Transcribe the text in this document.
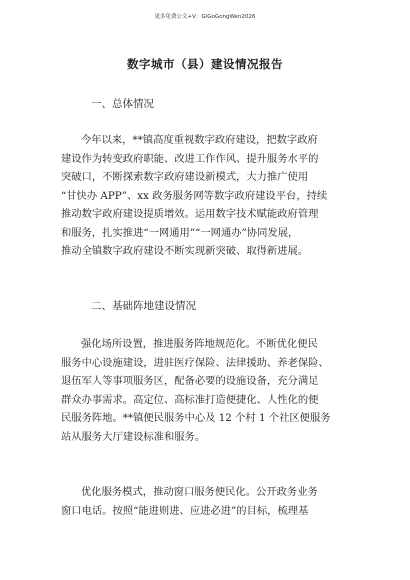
更多免费公文+V：GlGoGongWen2026
数字城市（县）建设情况报告
一、总体情况
今年以来，**镇高度重视数字政府建设，把数字政府
建设作为转变政府职能、改进工作作风、提升服务水平的
突破口，不断探索数字政府建设新模式，大力推广使用
“甘快办 APP”、xx 政务服务网等数字政府建设平台，持续
推动数字政府建设提质增效。运用数字技术赋能政府管理
和服务，扎实推进“一网通用”“一网通办”协同发展，
推动全镇数字政府建设不断实现新突破、取得新进展。
二、基础阵地建设情况
强化场所设置，推进服务阵地规范化。不断优化便民
服务中心设施建设，进驻医疗保险、法律援助、养老保险、
退伍军人等事项服务区，配备必要的设施设备，充分满足
群众办事需求。高定位、高标准打造便捷化、人性化的便
民服务阵地。**镇便民服务中心及 12 个村 1 个社区便服务
站从服务大厅建设标准和服务。
优化服务模式，推动窗口服务便民化。公开政务业务
窗口电话。按照“能进则进、应进必进”的目标，梳理基
